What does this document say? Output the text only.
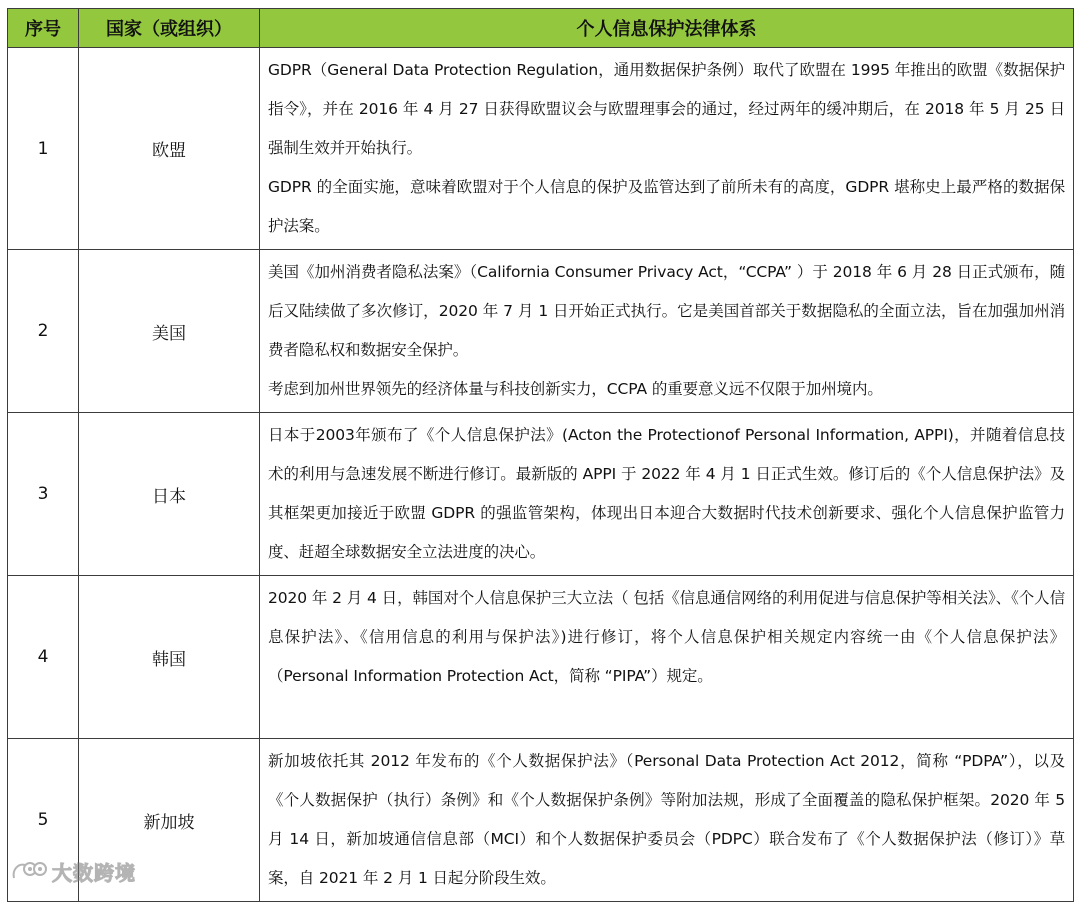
序号	国家（或组织）	个人信息保护法律体系
1	欧盟	GDPR（General Data Protection Regulation，通用数据保护条例）取代了欧盟在 1995 年推出的欧盟《数据保护指令》，并在 2016 年 4 月 27 日获得欧盟议会与欧盟理事会的通过，经过两年的缓冲期后，在 2018 年 5 月 25 日强制生效并开始执行。

GDPR 的全面实施，意味着欧盟对于个人信息的保护及监管达到了前所未有的高度，GDPR 堪称史上最严格的数据保护法案。

2	美国	美国《加州消费者隐私法案》（California Consumer Privacy Act，“CCPA” ）于 2018 年 6 月 28 日正式颁布，随后又陆续做了多次修订，2020 年 7 月 1 日开始正式执行。它是美国首部关于数据隐私的全面立法，旨在加强加州消费者隐私权和数据安全保护。

考虑到加州世界领先的经济体量与科技创新实力，CCPA 的重要意义远不仅限于加州境内。

3	日本	日本于2003年颁布了《个人信息保护法》(Acton the Protectionof Personal Information, APPI)，并随着信息技术的利用与急速发展不断进行修订。最新版的 APPI 于 2022 年 4 月 1 日正式生效。修订后的《个人信息保护法》及其框架更加接近于欧盟 GDPR 的强监管架构，体现出日本迎合大数据时代技术创新要求、强化个人信息保护监管力度、赶超全球数据安全立法进度的决心。

4	韩国	2020 年 2 月 4 日，韩国对个人信息保护三大立法（ 包括《信息通信网络的利用促进与信息保护等相关法》、《个人信息保护法》、《信用信息的利用与保护法》)进行修订，将个人信息保护相关规定内容统一由《个人信息保护法》（Personal Information Protection Act，简称 “PIPA”）规定。

5	新加坡	新加坡依托其 2012 年发布的《个人数据保护法》（Personal Data Protection Act 2012，简称 “PDPA”），以及《个人数据保护（执行）条例》和《个人数据保护条例》等附加法规，形成了全面覆盖的隐私保护框架。2020 年 5 月 14 日，新加坡通信信息部（MCI）和个人数据保护委员会（PDPC）联合发布了《个人数据保护法（修订）》草案，自 2021 年 2 月 1 日起分阶段生效。

大数跨境
